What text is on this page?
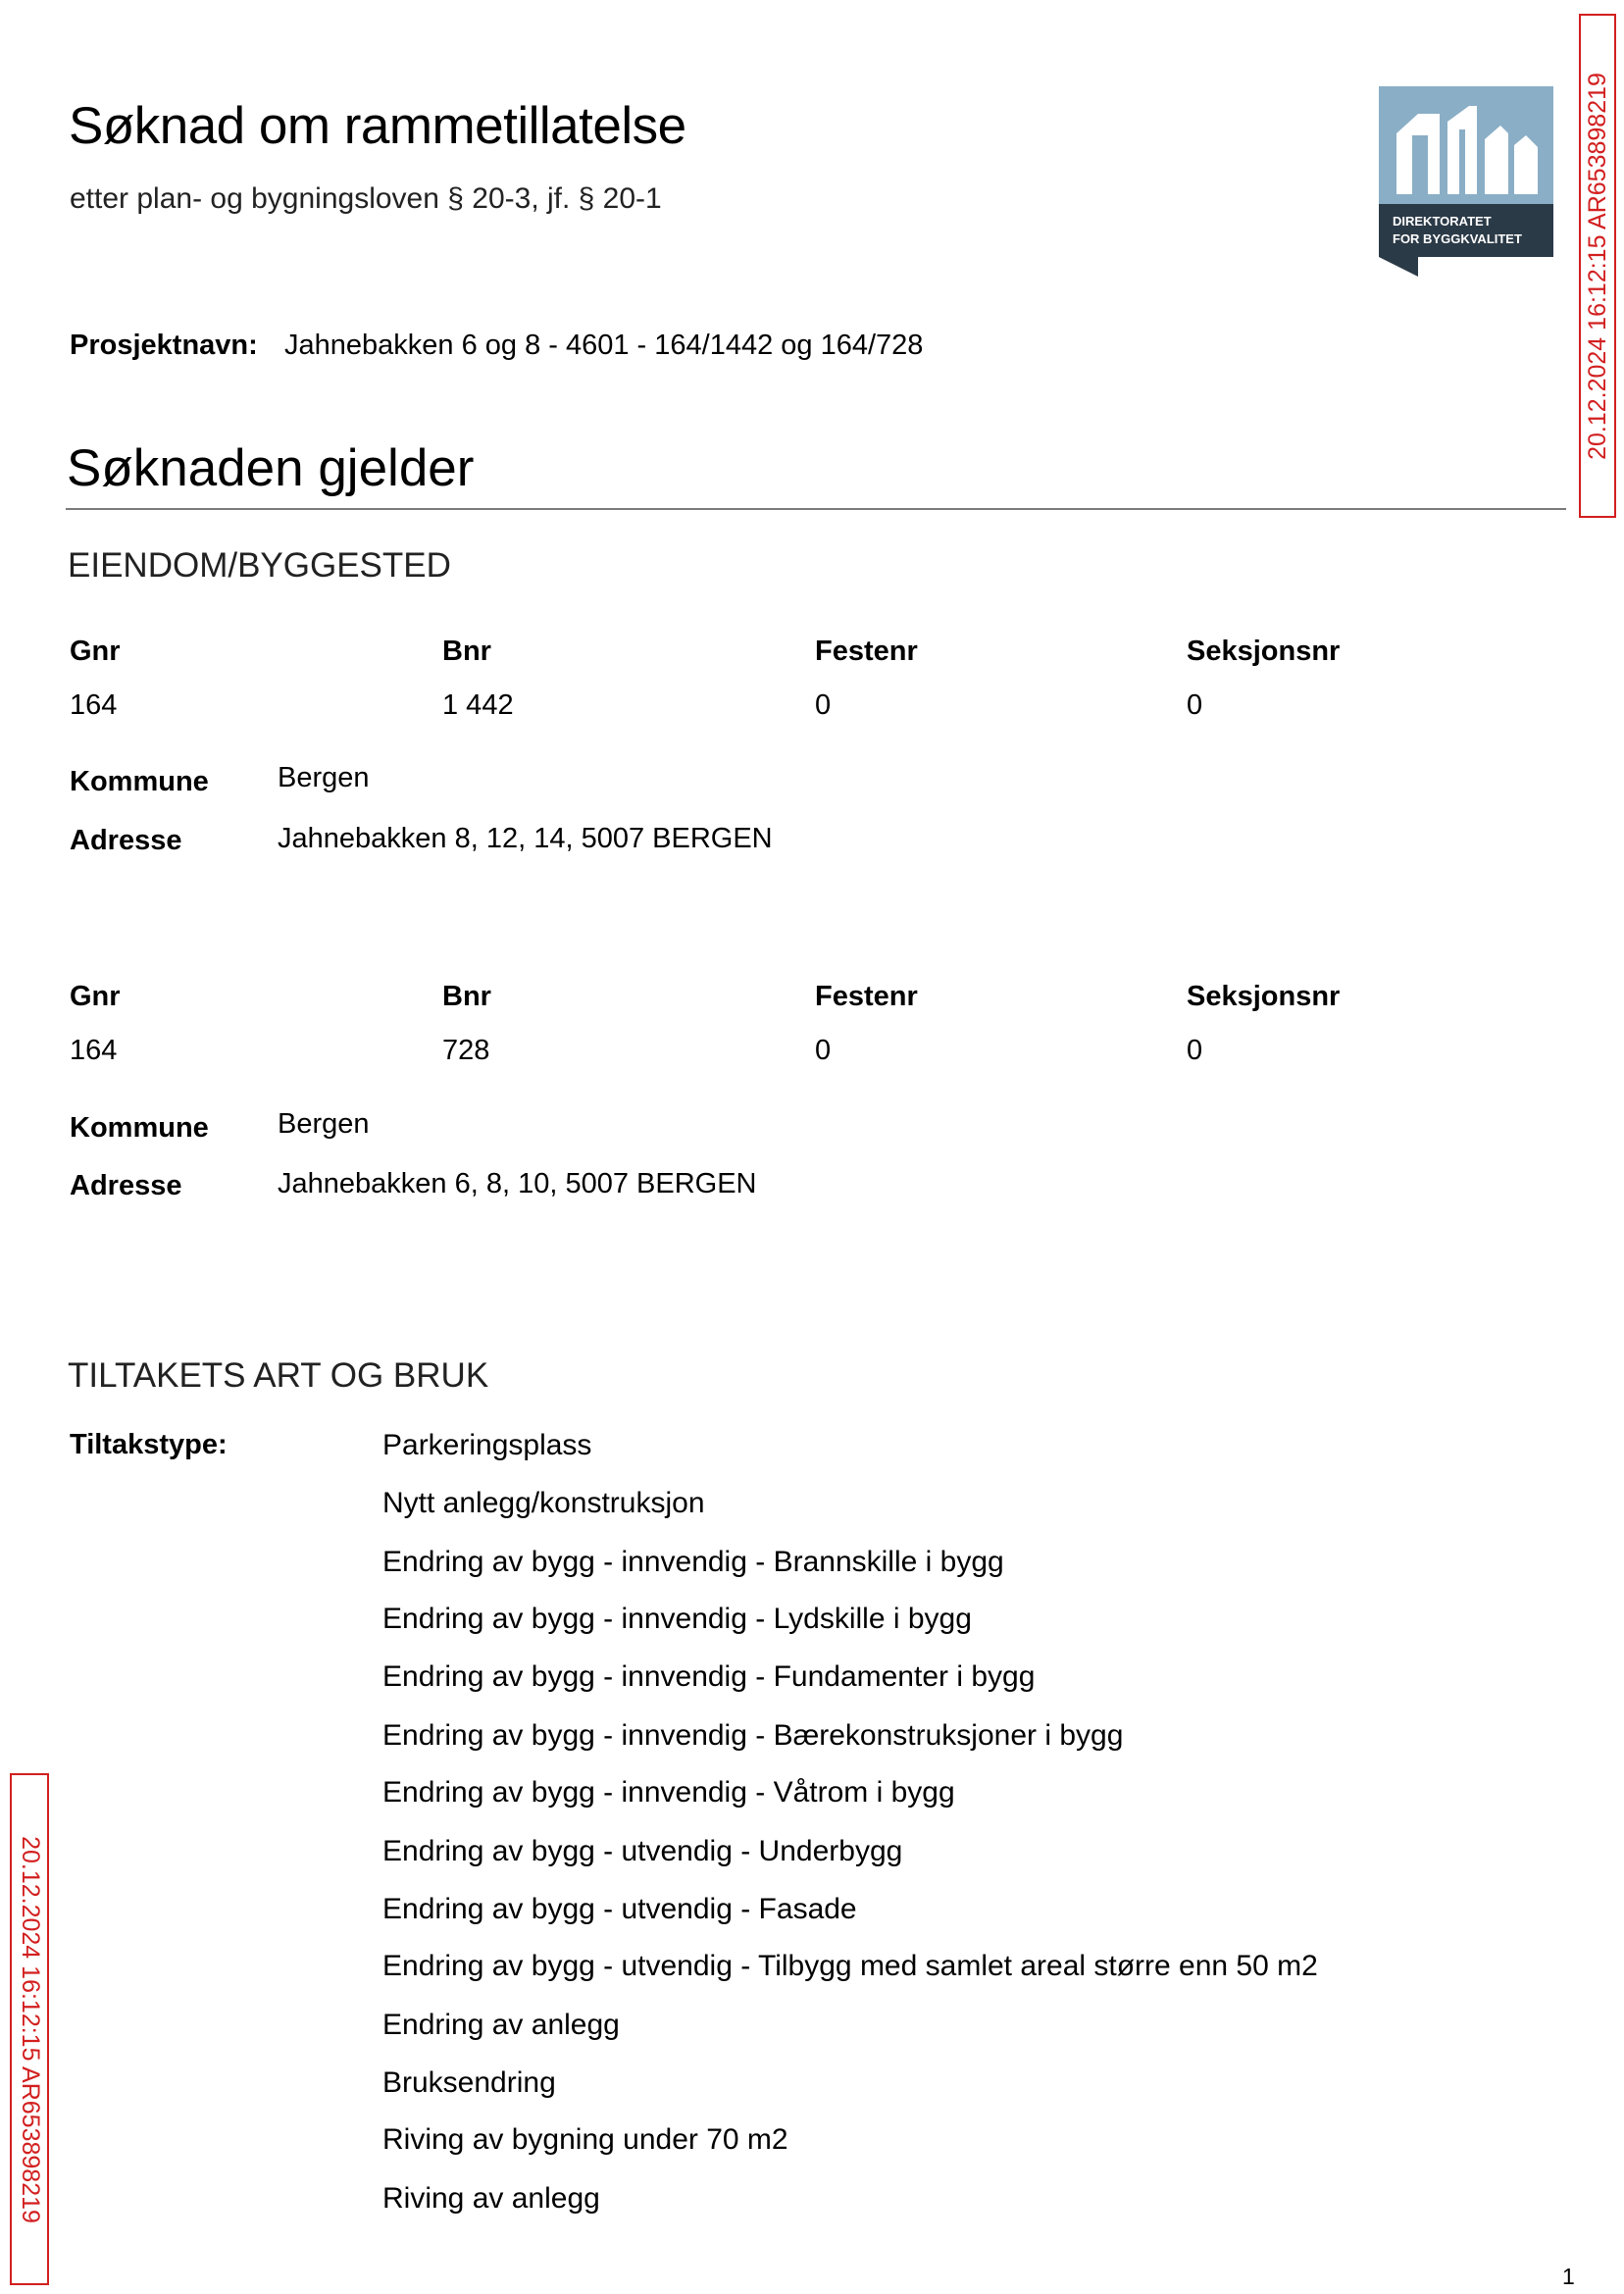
Søknad om rammetillatelse
etter plan- og bygningsloven § 20-3, jf. § 20-1
DIREKTORATET
FOR BYGGKVALITET
Prosjektnavn: Jahnebakken 6 og 8 - 4601 - 164/1442 og 164/728
Søknaden gjelder
EIENDOM/BYGGESTED
Gnr	Bnr	Festenr	Seksjonsnr
164	1 442	0	0
Kommune Bergen
Adresse	Jahnebakken 8, 12, 14, 5007 BERGEN
Gnr	Bnr	Festenr	Seksjonsnr
164	728	0	0
Kommune Bergen
Adresse	Jahnebakken 6, 8, 10, 5007 BERGEN
TILTAKETS ART OG BRUK
Tiltakstype:	Parkeringsplass
Nytt anlegg/konstruksjon
Endring av bygg - innvendig - Brannskille i bygg
Endring av bygg - innvendig - Lydskille i bygg
Endring av bygg - innvendig - Fundamenter i bygg
Endring av bygg - innvendig - Bærekonstruksjoner i bygg
Endring av bygg - innvendig - Våtrom i bygg
Endring av bygg - utvendig - Underbygg
Endring av bygg - utvendig - Fasade
Endring av bygg - utvendig - Tilbygg med samlet areal større enn 50 m2
Endring av anlegg
Bruksendring
Riving av bygning under 70 m2
Riving av anlegg
20.12.2024 16:12:15 AR653898219
20.12.2024 16:12:15 AR653898219
1
